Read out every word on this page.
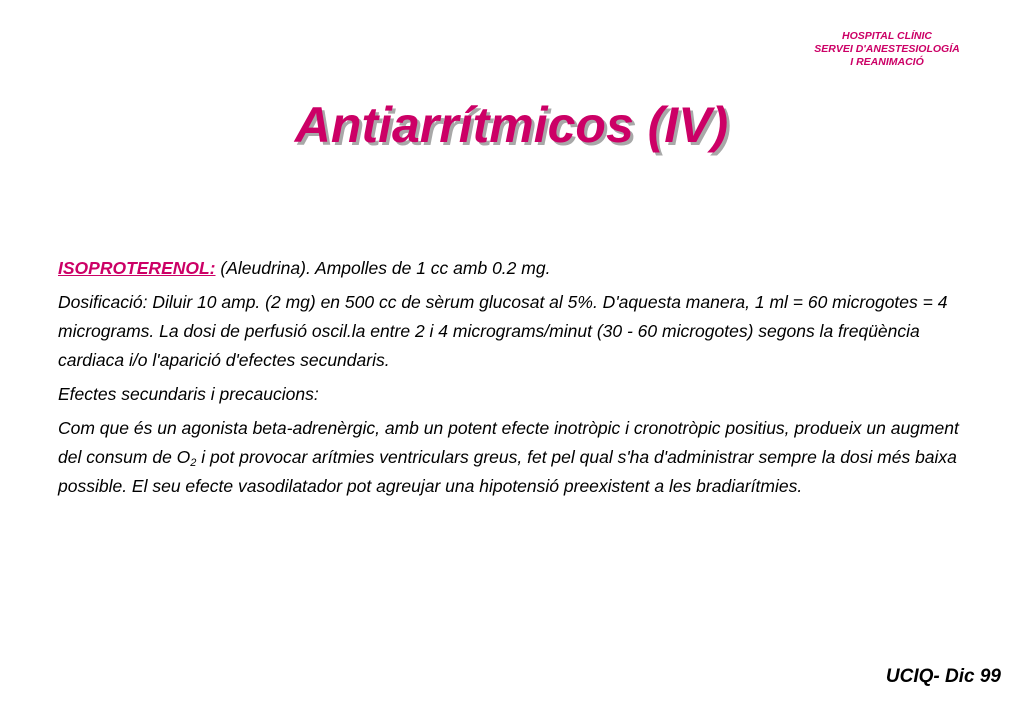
HOSPITAL CLÍNIC
SERVEI D'ANESTESIOLOGÍA
I REANIMACIÓ
Antiarrítmicos (IV)

ISOPROTERENOL: (Aleudrina). Ampolles de 1 cc amb 0.2 mg.

Dosificació: Diluir 10 amp. (2 mg) en 500 cc de sèrum glucosat al 5%. D'aquesta manera, 1 ml = 60 microgotes = 4 micrograms. La dosi de perfusió oscil.la entre 2 i 4 micrograms/minut (30 - 60 microgotes) segons la freqüència cardiaca i/o l'aparició d'efectes secundaris.

Efectes secundaris i precaucions:

Com que és un agonista beta-adrenèrgic, amb un potent efecte inotròpic i cronotròpic positius, produeix un augment del consum de $O_2$ i pot provocar arítmies ventriculars greus, fet pel qual s'ha d'administrar sempre la dosi més baixa possible. El seu efecte vasodilatador pot agreujar una hipotensió preexistent a les bradiarítmies.

UCIQ- Dic 99
